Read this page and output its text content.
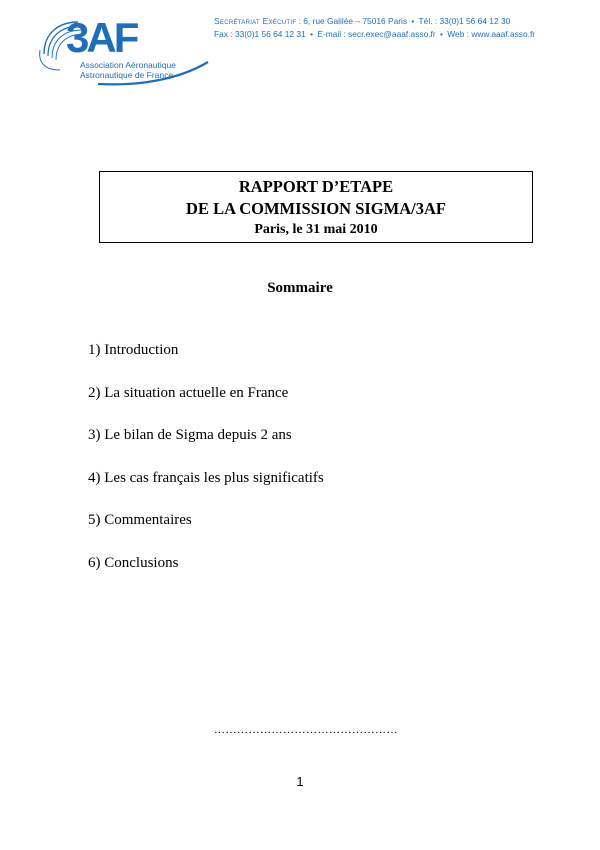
3AF
Association Aéronautique
Astronautique de France
Secrétariat Exécutif : 6, rue Galilée – 75016 Paris • Tél. : 33(0)1 56 64 12 30
Fax : 33(0)1 56 64 12 31 • E-mail : secr.exec@aaaf.asso.fr • Web : www.aaaf.asso.fr
RAPPORT D’ETAPE
DE LA COMMISSION SIGMA/3AF
Paris, le 31 mai 2010
Sommaire
1) Introduction
2) La situation actuelle en France
3) Le bilan de Sigma depuis 2 ans
4) Les cas français les plus significatifs
5) Commentaires
6) Conclusions
…………………………………………
1
